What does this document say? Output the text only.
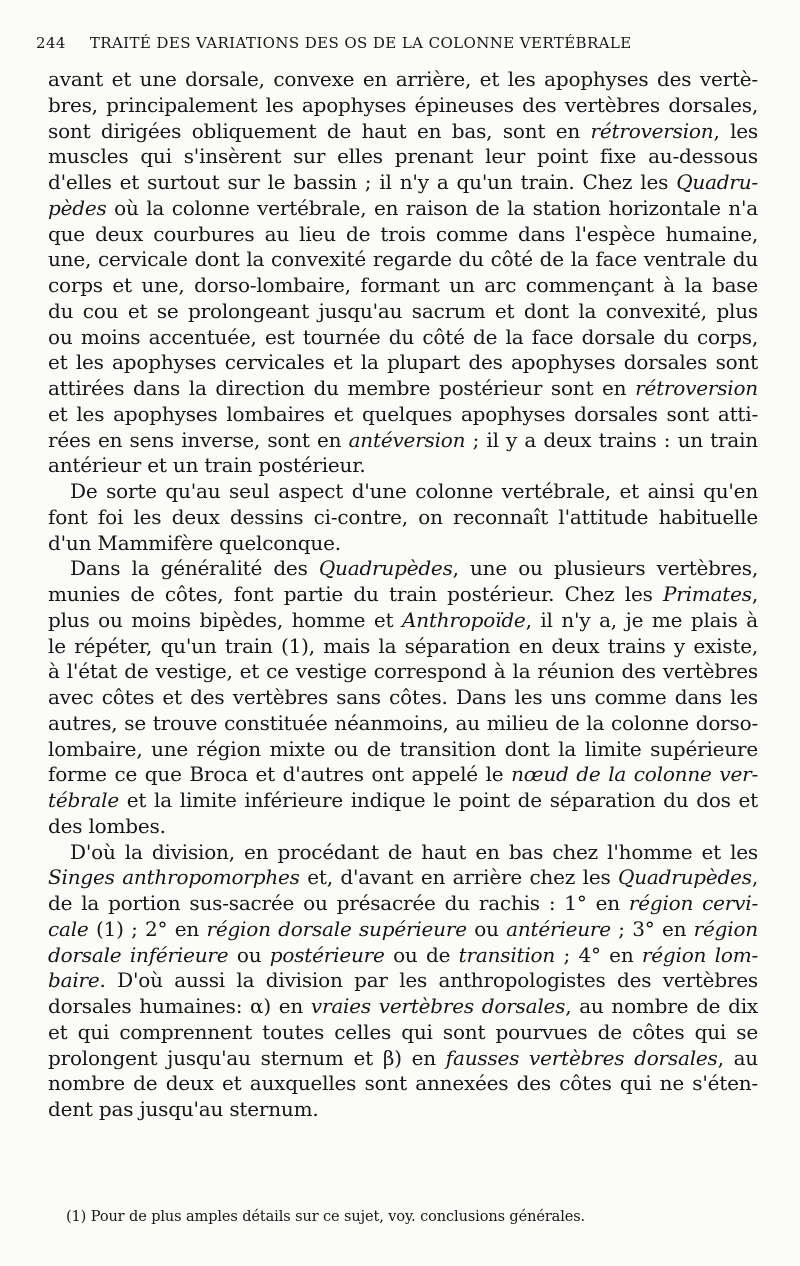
244 TRAITÉ DES VARIATIONS DES OS DE LA COLONNE VERTÉBRALE
avant et une dorsale, convexe en arrière, et les apophyses des vertè-
bres, principalement les apophyses épineuses des vertèbres dorsales,
sont dirigées obliquement de haut en bas, sont en rétroversion, les
muscles qui s'insèrent sur elles prenant leur point fixe au-dessous
d'elles et surtout sur le bassin ; il n'y a qu'un train. Chez les Quadru-
pèdes où la colonne vertébrale, en raison de la station horizontale n'a
que deux courbures au lieu de trois comme dans l'espèce humaine,
une, cervicale dont la convexité regarde du côté de la face ventrale du
corps et une, dorso-lombaire, formant un arc commençant à la base
du cou et se prolongeant jusqu'au sacrum et dont la convexité, plus
ou moins accentuée, est tournée du côté de la face dorsale du corps,
et les apophyses cervicales et la plupart des apophyses dorsales sont
attirées dans la direction du membre postérieur sont en rétroversion
et les apophyses lombaires et quelques apophyses dorsales sont atti-
rées en sens inverse, sont en antéversion ; il y a deux trains : un train
antérieur et un train postérieur.
De sorte qu'au seul aspect d'une colonne vertébrale, et ainsi qu'en
font foi les deux dessins ci-contre, on reconnaît l'attitude habituelle
d'un Mammifère quelconque.
Dans la généralité des Quadrupèdes, une ou plusieurs vertèbres,
munies de côtes, font partie du train postérieur. Chez les Primates,
plus ou moins bipèdes, homme et Anthropoïde, il n'y a, je me plais à
le répéter, qu'un train (1), mais la séparation en deux trains y existe,
à l'état de vestige, et ce vestige correspond à la réunion des vertèbres
avec côtes et des vertèbres sans côtes. Dans les uns comme dans les
autres, se trouve constituée néanmoins, au milieu de la colonne dorso-
lombaire, une région mixte ou de transition dont la limite supérieure
forme ce que Broca et d'autres ont appelé le nœud de la colonne ver-
tébrale et la limite inférieure indique le point de séparation du dos et
des lombes.
D'où la division, en procédant de haut en bas chez l'homme et les
Singes anthropomorphes et, d'avant en arrière chez les Quadrupèdes,
de la portion sus-sacrée ou présacrée du rachis : 1° en région cervi-
cale (1) ; 2° en région dorsale supérieure ou antérieure ; 3° en région
dorsale inférieure ou postérieure ou de transition ; 4° en région lom-
baire. D'où aussi la division par les anthropologistes des vertèbres
dorsales humaines: α) en vraies vertèbres dorsales, au nombre de dix
et qui comprennent toutes celles qui sont pourvues de côtes qui se
prolongent jusqu'au sternum et β) en fausses vertèbres dorsales, au
nombre de deux et auxquelles sont annexées des côtes qui ne s'éten-
dent pas jusqu'au sternum.
(1) Pour de plus amples détails sur ce sujet, voy. conclusions générales.
